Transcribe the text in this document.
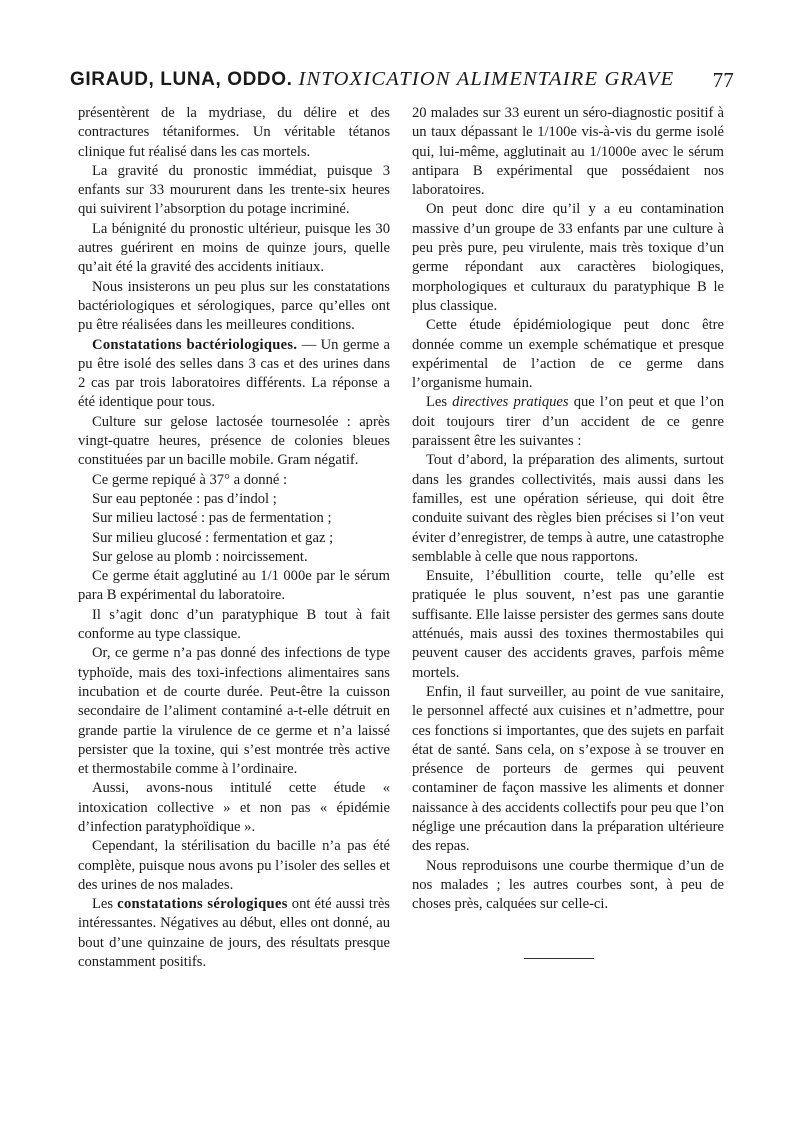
GIRAUD, LUNA, ODDO. INTOXICATION ALIMENTAIRE GRAVE 77

présentèrent de la mydriase, du délire et des contractures tétaniformes. Un véritable tétanos clinique fut réalisé dans les cas mortels.

La gravité du pronostic immédiat, puisque 3 enfants sur 33 moururent dans les trente-six heures qui suivirent l’absorption du potage incriminé.

La bénignité du pronostic ultérieur, puisque les 30 autres guérirent en moins de quinze jours, quelle qu’ait été la gravité des accidents initiaux.

Nous insisterons un peu plus sur les constatations bactériologiques et sérologiques, parce qu’elles ont pu être réalisées dans les meilleures conditions.

Constatations bactériologiques. — Un germe a pu être isolé des selles dans 3 cas et des urines dans 2 cas par trois laboratoires différents. La réponse a été identique pour tous.

Culture sur gelose lactosée tournesolée : après vingt-quatre heures, présence de colonies bleues constituées par un bacille mobile. Gram négatif.

Ce germe repiqué à 37° a donné :

Sur eau peptonée : pas d’indol ;

Sur milieu lactosé : pas de fermentation ;

Sur milieu glucosé : fermentation et gaz ;

Sur gelose au plomb : noircissement.

Ce germe était agglutiné au 1/1 000e par le sérum para B expérimental du laboratoire.

Il s’agit donc d’un paratyphique B tout à fait conforme au type classique.

Or, ce germe n’a pas donné des infections de type typhoïde, mais des toxi-infections alimentaires sans incubation et de courte durée. Peut-être la cuisson secondaire de l’aliment contaminé a-t-elle détruit en grande partie la virulence de ce germe et n’a laissé persister que la toxine, qui s’est montrée très active et thermostabile comme à l’ordinaire.

Aussi, avons-nous intitulé cette étude « intoxication collective » et non pas « épidémie d’infection paratyphoïdique ».

Cependant, la stérilisation du bacille n’a pas été complète, puisque nous avons pu l’isoler des selles et des urines de nos malades.

Les constatations sérologiques ont été aussi très intéressantes. Négatives au début, elles ont donné, au bout d’une quinzaine de jours, des résultats presque constamment positifs.

20 malades sur 33 eurent un séro-diagnostic positif à un taux dépassant le 1/100e vis-à-vis du germe isolé qui, lui-même, agglutinait au 1/1000e avec le sérum antipara B expérimental que possédaient nos laboratoires.

On peut donc dire qu’il y a eu contamination massive d’un groupe de 33 enfants par une culture à peu près pure, peu virulente, mais très toxique d’un germe répondant aux caractères biologiques, morphologiques et culturaux du paratyphique B le plus classique.

Cette étude épidémiologique peut donc être donnée comme un exemple schématique et presque expérimental de l’action de ce germe dans l’organisme humain.

Les directives pratiques que l’on peut et que l’on doit toujours tirer d’un accident de ce genre paraissent être les suivantes :

Tout d’abord, la préparation des aliments, surtout dans les grandes collectivités, mais aussi dans les familles, est une opération sérieuse, qui doit être conduite suivant des règles bien précises si l’on veut éviter d’enregistrer, de temps à autre, une catastrophe semblable à celle que nous rapportons.

Ensuite, l’ébullition courte, telle qu’elle est pratiquée le plus souvent, n’est pas une garantie suffisante. Elle laisse persister des germes sans doute atténués, mais aussi des toxines thermostabiles qui peuvent causer des accidents graves, parfois même mortels.

Enfin, il faut surveiller, au point de vue sanitaire, le personnel affecté aux cuisines et n’admettre, pour ces fonctions si importantes, que des sujets en parfait état de santé. Sans cela, on s’expose à se trouver en présence de porteurs de germes qui peuvent contaminer de façon massive les aliments et donner naissance à des accidents collectifs pour peu que l’on néglige une précaution dans la préparation ultérieure des repas.

Nous reproduisons une courbe thermique d’un de nos malades ; les autres courbes sont, à peu de choses près, calquées sur celle-ci.
